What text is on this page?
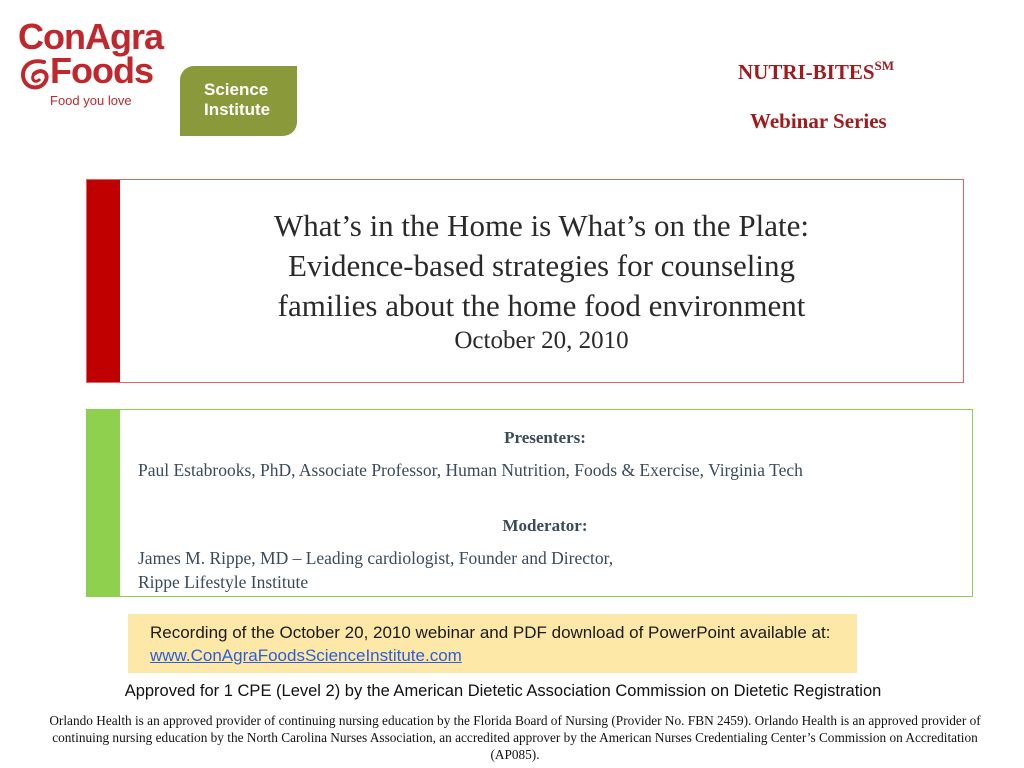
ConAgra
Foods
Food you love
Science
Institute
NUTRI-BITES℠
Webinar Series
What’s in the Home is What’s on the Plate:
Evidence-based strategies for counseling
families about the home food environment
October 20, 2010
Presenters:
Paul Estabrooks, PhD, Associate Professor, Human Nutrition, Foods & Exercise, Virginia Tech
Moderator:
James M. Rippe, MD – Leading cardiologist, Founder and Director,
Rippe Lifestyle Institute
Recording of the October 20, 2010 webinar and PDF download of PowerPoint available at: www.ConAgraFoodsScienceInstitute.com
Approved for 1 CPE (Level 2) by the American Dietetic Association Commission on Dietetic Registration
Orlando Health is an approved provider of continuing nursing education by the Florida Board of Nursing (Provider No. FBN 2459). Orlando Health is an approved provider of continuing nursing education by the North Carolina Nurses Association, an accredited approver by the American Nurses Credentialing Center’s Commission on Accreditation (AP085).
